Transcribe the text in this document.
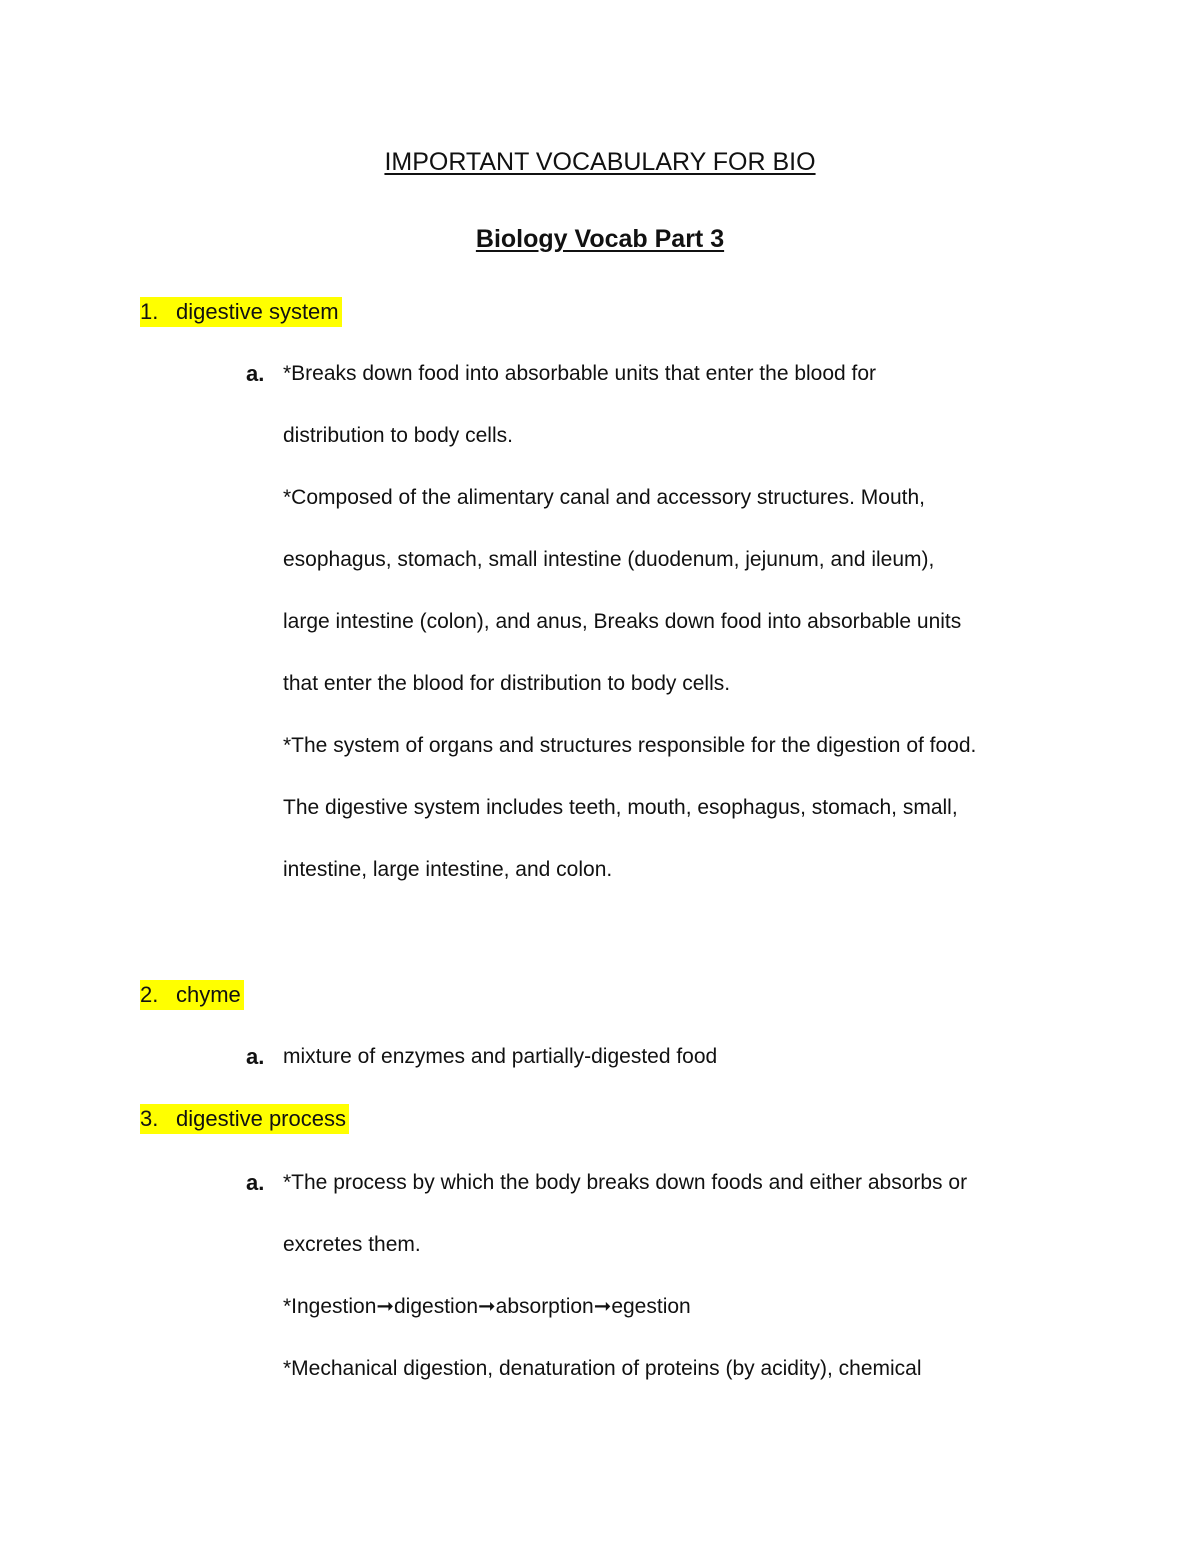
IMPORTANT VOCABULARY FOR BIO
Biology Vocab Part 3
1. digestive system
a. *Breaks down food into absorbable units that enter the blood for
distribution to body cells.
*Composed of the alimentary canal and accessory structures. Mouth,
esophagus, stomach, small intestine (duodenum, jejunum, and ileum),
large intestine (colon), and anus, Breaks down food into absorbable units
that enter the blood for distribution to body cells.
*The system of organs and structures responsible for the digestion of food.
The digestive system includes teeth, mouth, esophagus, stomach, small,
intestine, large intestine, and colon.
2. chyme
a. mixture of enzymes and partially-digested food
3. digestive process
a. *The process by which the body breaks down foods and either absorbs or
excretes them.
*Ingestion➞digestion➞absorption➞egestion
*Mechanical digestion, denaturation of proteins (by acidity), chemical
